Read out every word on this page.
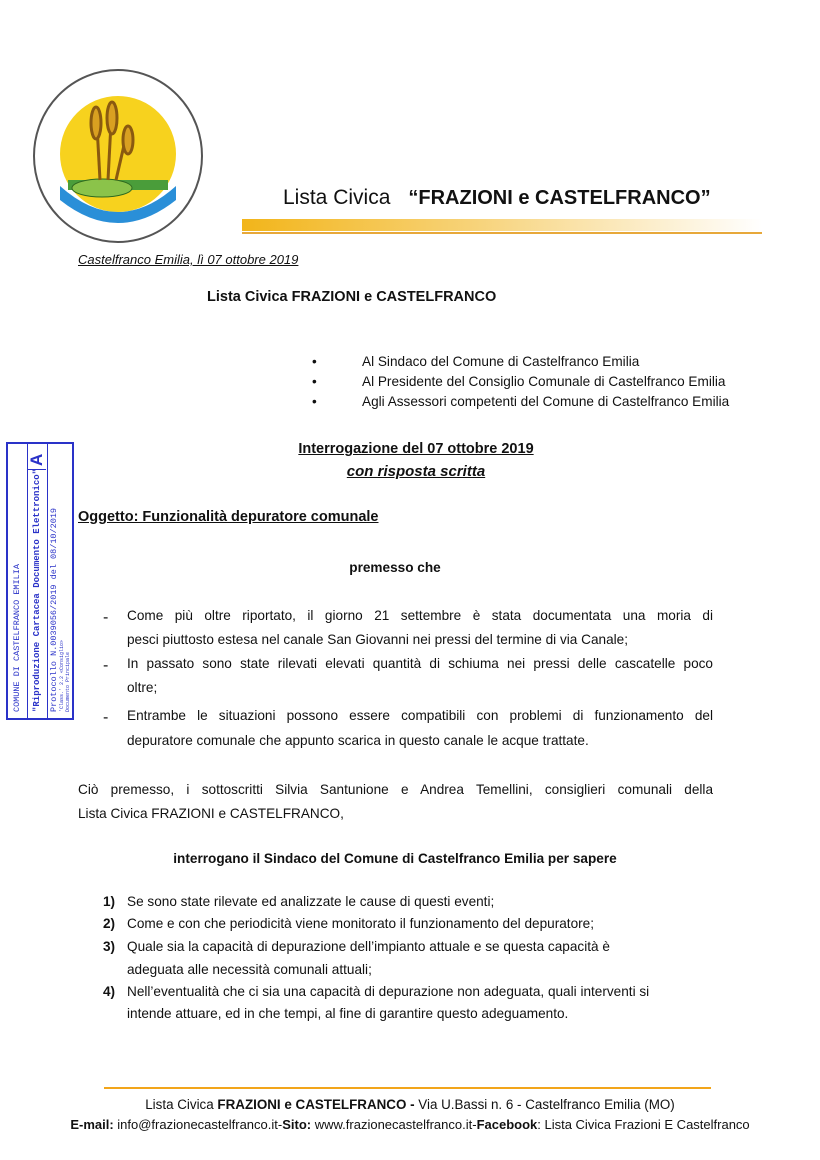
Lista Civica “FRAZIONI e CASTELFRANCO”
Castelfranco Emilia, lì 07 ottobre 2019
Lista Civica FRAZIONI e CASTELFRANCO
• Al Sindaco del Comune di Castelfranco Emilia
• Al Presidente del Consiglio Comunale di Castelfranco Emilia
• Agli Assessori competenti del Comune di Castelfranco Emilia
Interrogazione del 07 ottobre 2019
con risposta scritta
Oggetto: Funzionalità depuratore comunale
premesso che
- Come più oltre riportato, il giorno 21 settembre è stata documentata una moria di
pesci piuttosto estesa nel canale San Giovanni nei pressi del termine di via Canale;
- In passato sono state rilevati elevati quantità di schiuma nei pressi delle cascatelle poco
oltre;
- Entrambe le situazioni possono essere compatibili con problemi di funzionamento del
depuratore comunale che appunto scarica in questo canale le acque trattate.
Ciò premesso, i sottoscritti Silvia Santunione e Andrea Temellini, consiglieri comunali della
Lista Civica FRAZIONI e CASTELFRANCO,
interrogano il Sindaco del Comune di Castelfranco Emilia per sapere
1) Se sono state rilevate ed analizzate le cause di questi eventi;
2) Come e con che periodicità viene monitorato il funzionamento del depuratore;
3) Quale sia la capacità di depurazione dell’impianto attuale e se questa capacità è
adeguata alle necessità comunali attuali;
4) Nell’eventualità che ci sia una capacità di depurazione non adeguata, quali interventi si
intende attuare, ed in che tempi, al fine di garantire questo adeguamento.
COMUNE DI CASTELFRANCO EMILIA
A
"Riproduzione Cartacea Documento Elettronico" Protocollo N.0039056/2019 del 08/10/2019 'Class.' 2.2 «Consiglio» Documento Principale
Lista Civica FRAZIONI e CASTELFRANCO - Via U.Bassi n. 6 - Castelfranco Emilia (MO)
E-mail: info@frazionecastelfranco.it-Sito: www.frazionecastelfranco.it-Facebook: Lista Civica Frazioni E Castelfranco
